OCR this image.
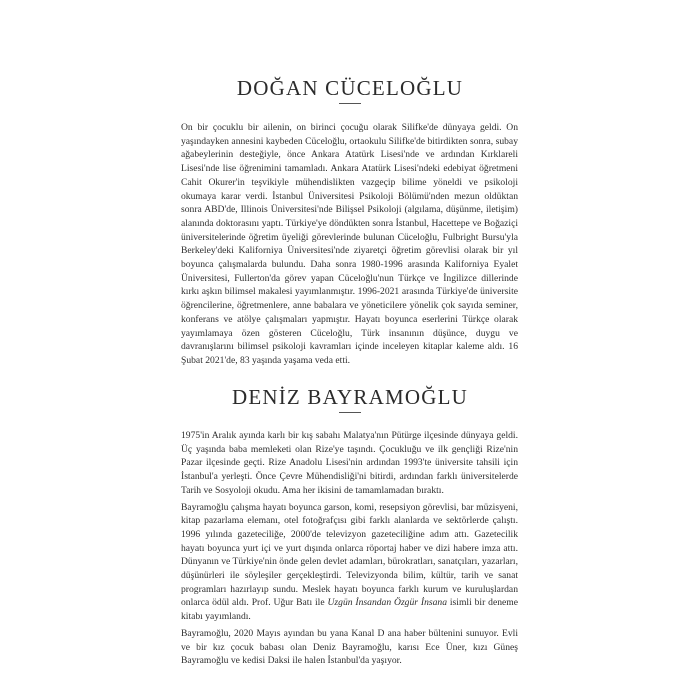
DOĞAN CÜCELOĞLU

On bir çocuklu bir ailenin, on birinci çocuğu olarak Silifke'de dünyaya geldi. On yaşındayken annesini kaybeden Cüceloğlu, ortaokulu Silifke'de bitirdikten sonra, subay ağabeylerinin desteğiyle, önce Ankara Atatürk Lisesi'nde ve ardından Kırklareli Lisesi'nde lise öğrenimini tamamladı. Ankara Atatürk Lisesi'ndeki edebiyat öğretmeni Cahit Okurer'in teşvikiyle mühendislikten vazgeçip bilime yöneldi ve psikoloji okumaya karar verdi. İstanbul Üniversitesi Psikoloji Bölümü'nden mezun oldüktan sonra ABD'de, Illinois Üniversitesi'nde Bilişsel Psikoloji (algılama, düşünme, iletişim) alanında doktorasını yaptı. Türkiye'ye döndükten sonra İstanbul, Hacettepe ve Boğaziçi üniversitelerinde öğretim üyeliği görevlerinde bulunan Cüceloğlu, Fulbright Bursu'yla Berkeley'deki Kaliforniya Üniversitesi'nde ziyaretçi öğretim görevlisi olarak bir yıl boyunca çalışmalarda bulundu. Daha sonra 1980-1996 arasında Kaliforniya Eyalet Üniversitesi, Fullerton'da görev yapan Cüceloğlu'nun Türkçe ve İngilizce dillerinde kırkı aşkın bilimsel makalesi yayımlanmıştır. 1996-2021 arasında Türkiye'de üniversite öğrencilerine, öğretmenlere, anne babalara ve yöneticilere yönelik çok sayıda seminer, konferans ve atölye çalışmaları yapmıştır. Hayatı boyunca eserlerini Türkçe olarak yayımlamaya özen gösteren Cüceloğlu, Türk insanının düşünce, duygu ve davranışlarını bilimsel psikoloji kavramları içinde inceleyen kitaplar kaleme aldı. 16 Şubat 2021'de, 83 yaşında yaşama veda etti.

DENİZ BAYRAMOĞLU

1975'in Aralık ayında karlı bir kış sabahı Malatya'nın Pütürge ilçesinde dünyaya geldi. Üç yaşında baba memleketi olan Rize'ye taşındı. Çocukluğu ve ilk gençliği Rize'nin Pazar ilçesinde geçti. Rize Anadolu Lisesi'nin ardından 1993'te üniversite tahsili için İstanbul'a yerleşti. Önce Çevre Mühendisliği'ni bitirdi, ardından farklı üniversitelerde Tarih ve Sosyoloji okudu. Ama her ikisini de tamamlamadan bıraktı.

Bayramoğlu çalışma hayatı boyunca garson, komi, resepsiyon görevlisi, bar müzisyeni, kitap pazarlama elemanı, otel fotoğrafçısı gibi farklı alanlarda ve sektörlerde çalıştı. 1996 yılında gazeteciliğe, 2000'de televizyon gazeteciliğine adım attı. Gazetecilik hayatı boyunca yurt içi ve yurt dışında onlarca röportaj haber ve dizi habere imza attı. Dünyanın ve Türkiye'nin önde gelen devlet adamları, bürokratları, sanatçıları, yazarları, düşünürleri ile söyleşiler gerçekleştirdi. Televizyonda bilim, kültür, tarih ve sanat programları hazırlayıp sundu. Meslek hayatı boyunca farklı kurum ve kuruluşlardan onlarca ödül aldı. Prof. Uğur Batı ile Uzgün İnsandan Özgür İnsana isimli bir deneme kitabı yayımlandı.

Bayramoğlu, 2020 Mayıs ayından bu yana Kanal D ana haber bültenini sunuyor. Evli ve bir kız çocuk babası olan Deniz Bayramoğlu, karısı Ece Üner, kızı Güneş Bayramoğlu ve kedisi Daksi ile halen İstanbul'da yaşıyor.
